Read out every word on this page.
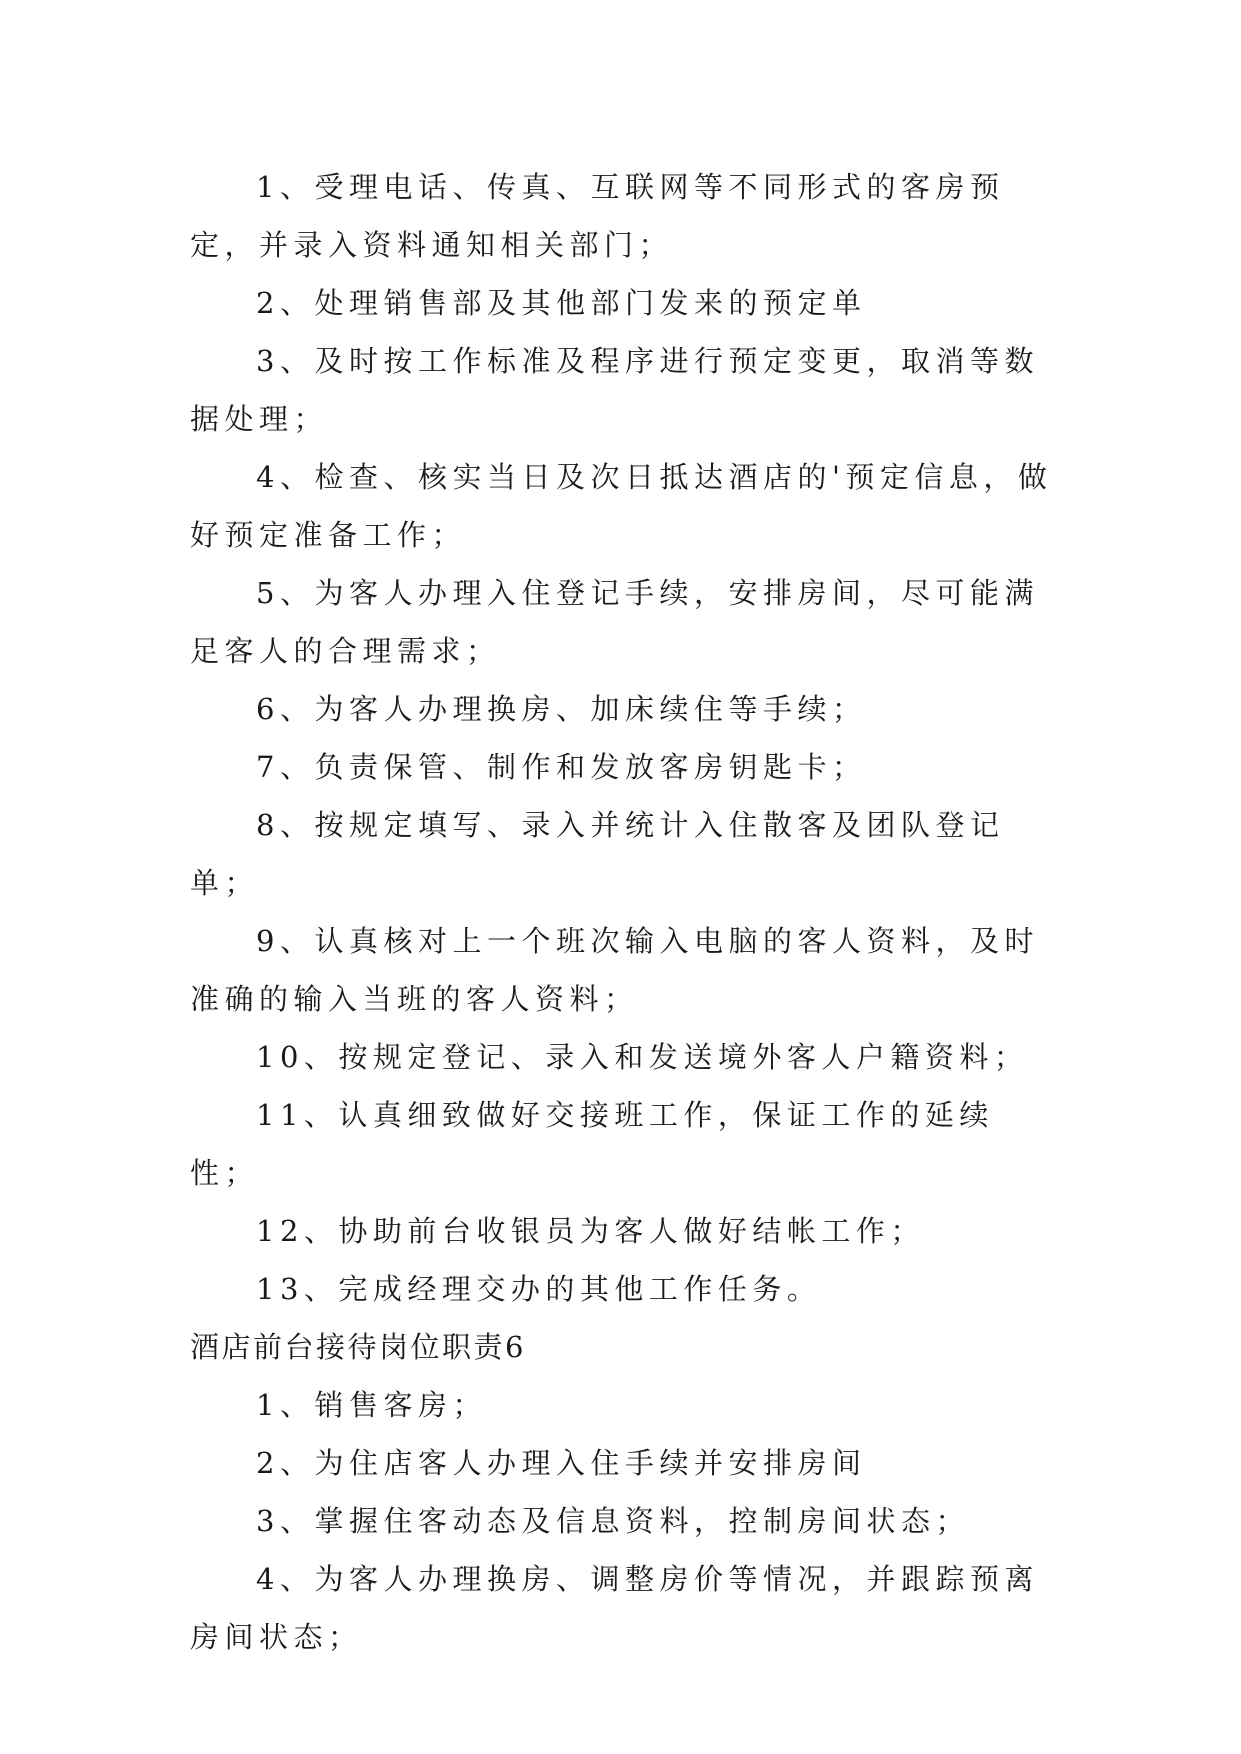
1、受理电话、传真、互联网等不同形式的客房预定，并录入资料通知相关部门；

2、处理销售部及其他部门发来的预定单

3、及时按工作标准及程序进行预定变更，取消等数据处理；

4、检查、核实当日及次日抵达酒店的'预定信息，做好预定准备工作；

5、为客人办理入住登记手续，安排房间，尽可能满足客人的合理需求；

6、为客人办理换房、加床续住等手续；

7、负责保管、制作和发放客房钥匙卡；

8、按规定填写、录入并统计入住散客及团队登记单；

9、认真核对上一个班次输入电脑的客人资料，及时准确的输入当班的客人资料；

10、按规定登记、录入和发送境外客人户籍资料；

11、认真细致做好交接班工作，保证工作的延续性；

12、协助前台收银员为客人做好结帐工作；

13、完成经理交办的其他工作任务。

酒店前台接待岗位职责6

1、销售客房；

2、为住店客人办理入住手续并安排房间

3、掌握住客动态及信息资料，控制房间状态；

4、为客人办理换房、调整房价等情况，并跟踪预离房间状态；
